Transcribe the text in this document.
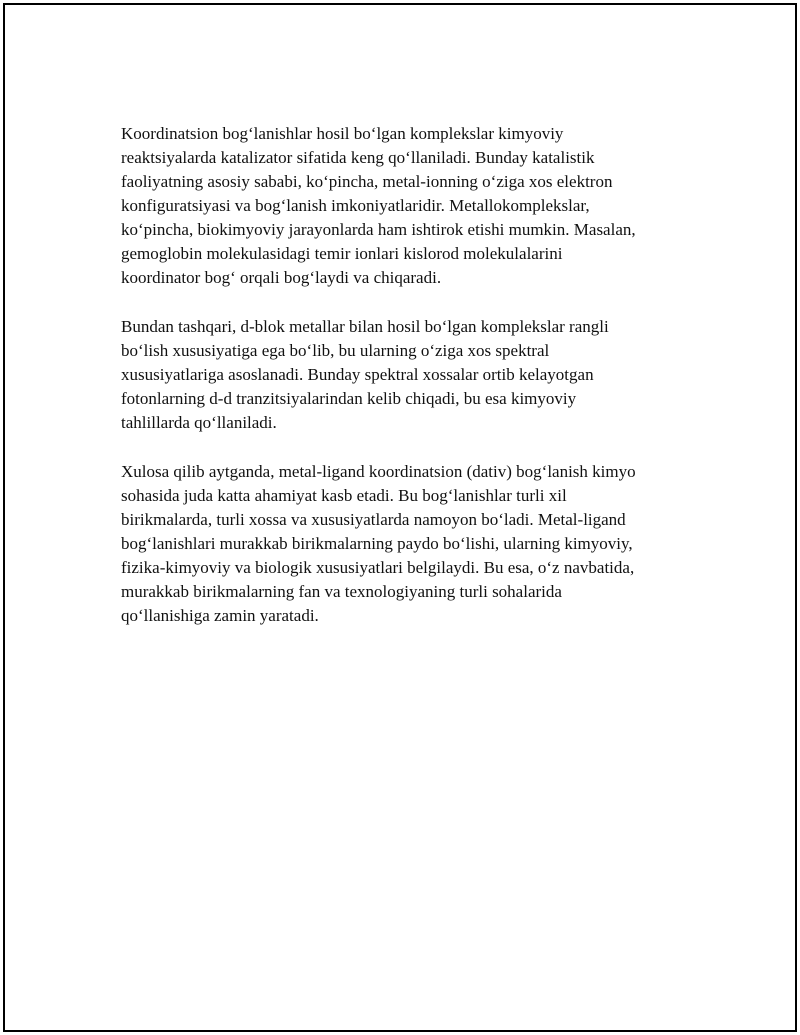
Koordinatsion bog‘lanishlar hosil bo‘lgan komplekslar kimyoviy
reaktsiyalarda katalizator sifatida keng qo‘llaniladi. Bunday katalistik
faoliyatning asosiy sababi, ko‘pincha, metal-ionning o‘ziga xos elektron
konfiguratsiyasi va bog‘lanish imkoniyatlaridir. Metallokomplekslar,
ko‘pincha, biokimyoviy jarayonlarda ham ishtirok etishi mumkin. Masalan,
gemoglobin molekulasidagi temir ionlari kislorod molekulalarini
koordinator bog‘ orqali bog‘laydi va chiqaradi.
Bundan tashqari, d-blok metallar bilan hosil bo‘lgan komplekslar rangli
bo‘lish xususiyatiga ega bo‘lib, bu ularning o‘ziga xos spektral
xususiyatlariga asoslanadi. Bunday spektral xossalar ortib kelayotgan
fotonlarning d-d tranzitsiyalarindan kelib chiqadi, bu esa kimyoviy
tahlillarda qo‘llaniladi.
Xulosa qilib aytganda, metal-ligand koordinatsion (dativ) bog‘lanish kimyo
sohasida juda katta ahamiyat kasb etadi. Bu bog‘lanishlar turli xil
birikmalarda, turli xossa va xususiyatlarda namoyon bo‘ladi. Metal-ligand
bog‘lanishlari murakkab birikmalarning paydo bo‘lishi, ularning kimyoviy,
fizika-kimyoviy va biologik xususiyatlari belgilaydi. Bu esa, o‘z navbatida,
murakkab birikmalarning fan va texnologiyaning turli sohalarida
qo‘llanishiga zamin yaratadi.
